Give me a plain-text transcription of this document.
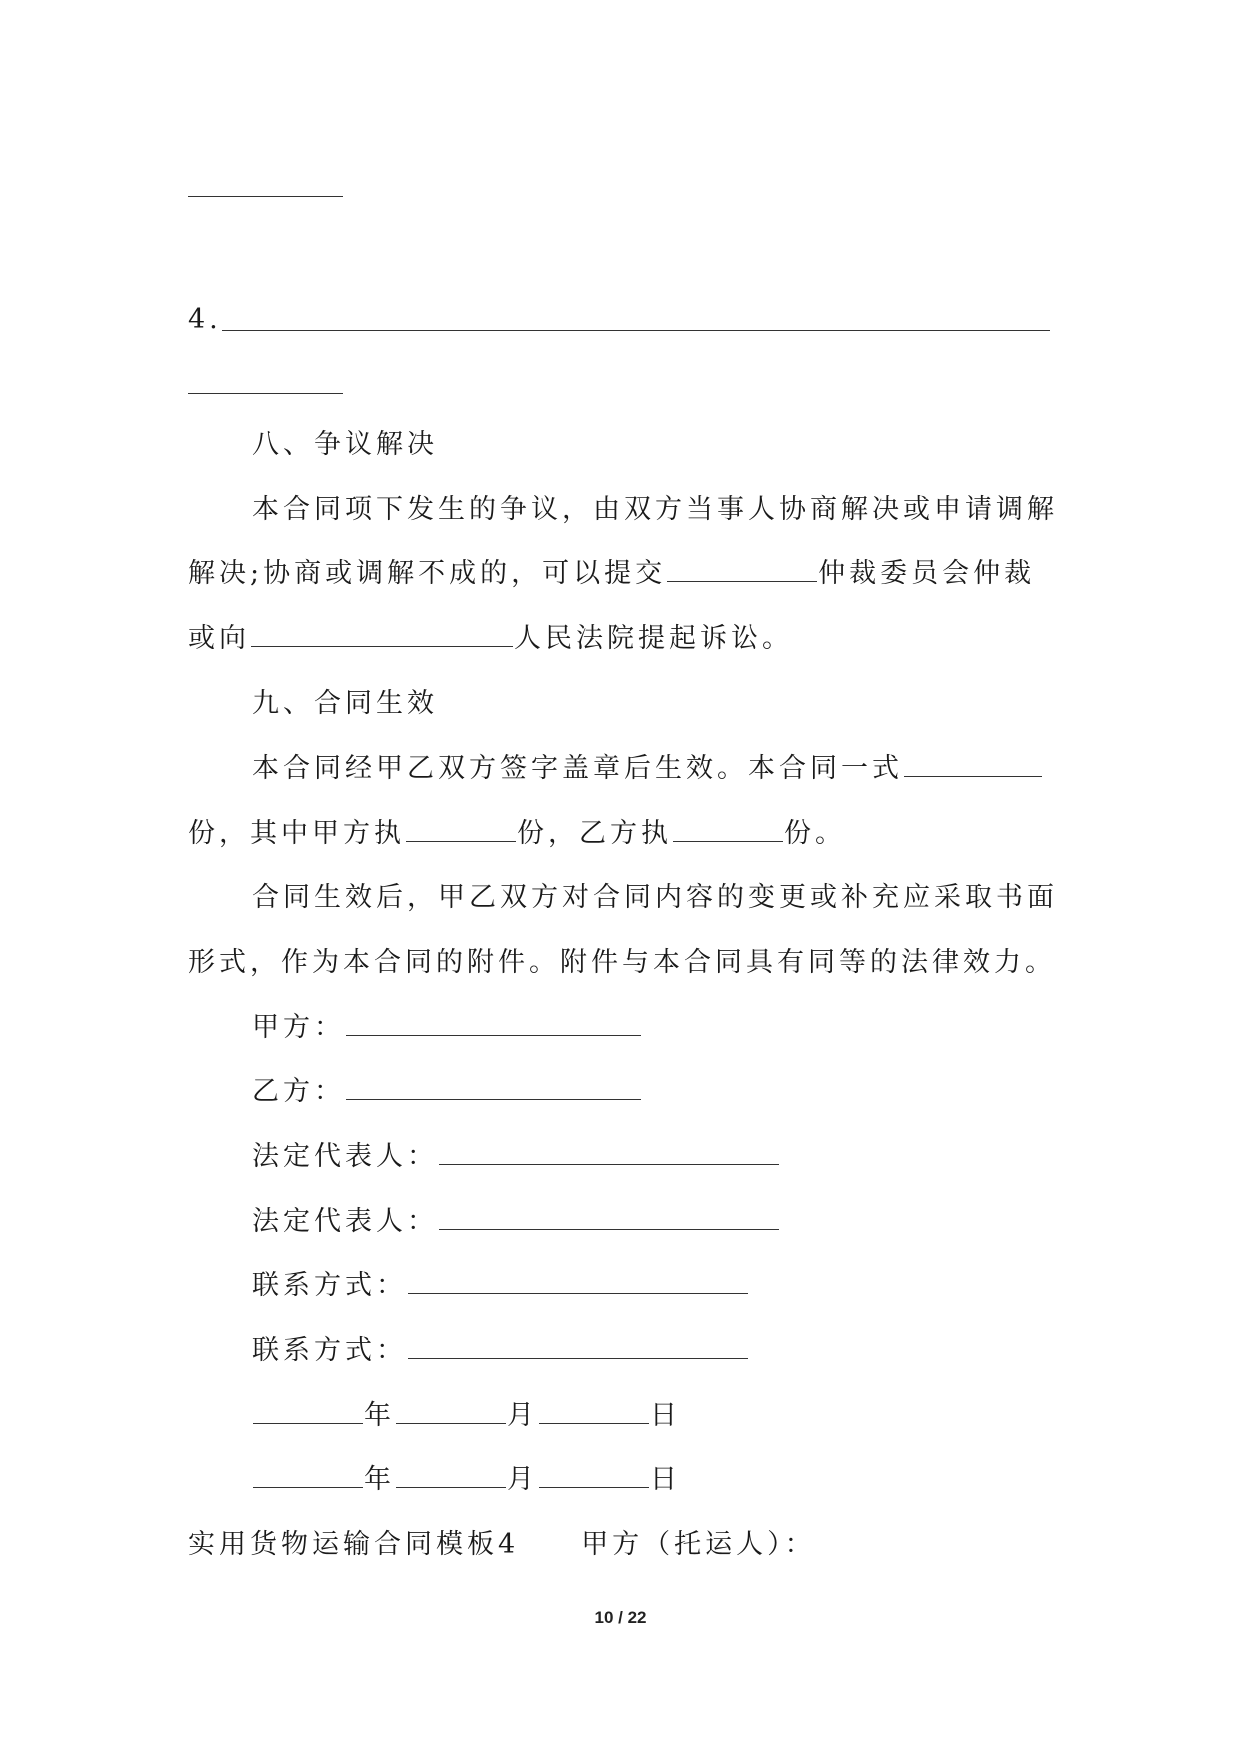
4.
八、争议解决
本合同项下发生的争议，由双方当事人协商解决或申请调解
解决;协商或调解不成的，可以提交	仲裁委员会仲裁
或向	人民法院提起诉讼。
九、合同生效
本合同经甲乙双方签字盖章后生效。本合同一式
份，其中甲方执	份，乙方执	份。
合同生效后，甲乙双方对合同内容的变更或补充应采取书面
形式，作为本合同的附件。附件与本合同具有同等的法律效力。
甲方：
乙方：
法定代表人：
法定代表人：
联系方式：
联系方式：
年	月	日
年	月	日
实用货物运输合同模板4 甲方（托运人）：
10 / 22
